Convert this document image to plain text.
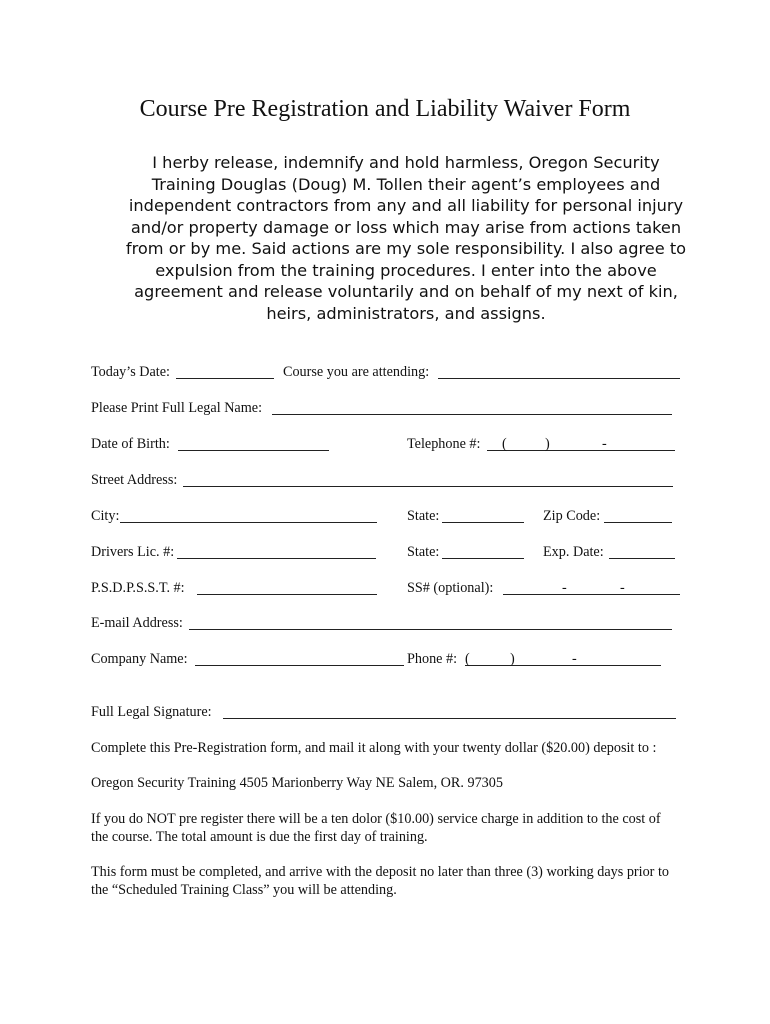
Course Pre Registration and Liability Waiver Form
I herby release, indemnify and hold harmless, Oregon Security Training Douglas (Doug) M. Tollen their agent’s employees and independent contractors from any and all liability for personal injury and/or property damage or loss which may arise from actions taken from or by me. Said actions are my sole responsibility. I also agree to expulsion from the training procedures. I enter into the above agreement and release voluntarily and on behalf of my next of kin, heirs, administrators, and assigns.
Today’s Date:	Course you are attending:
Please Print Full Legal Name:
Date of Birth:	Telephone #: (	)	-
Street Address:
City:	State:	Zip Code:
Drivers Lic. #:	State:	Exp. Date:
P.S.D.P.S.S.T. #:	SS# (optional):	-	-
E-mail Address:
Company Name:	Phone #: (	)	-
Full Legal Signature:
Complete this Pre-Registration form, and mail it along with your twenty dollar ($20.00) deposit to :
Oregon Security Training 4505 Marionberry Way NE Salem, OR. 97305
If you do NOT pre register there will be a ten dolor ($10.00) service charge in addition to the cost of the course. The total amount is due the first day of training.
This form must be completed, and arrive with the deposit no later than three (3) working days prior to the “Scheduled Training Class” you will be attending.
